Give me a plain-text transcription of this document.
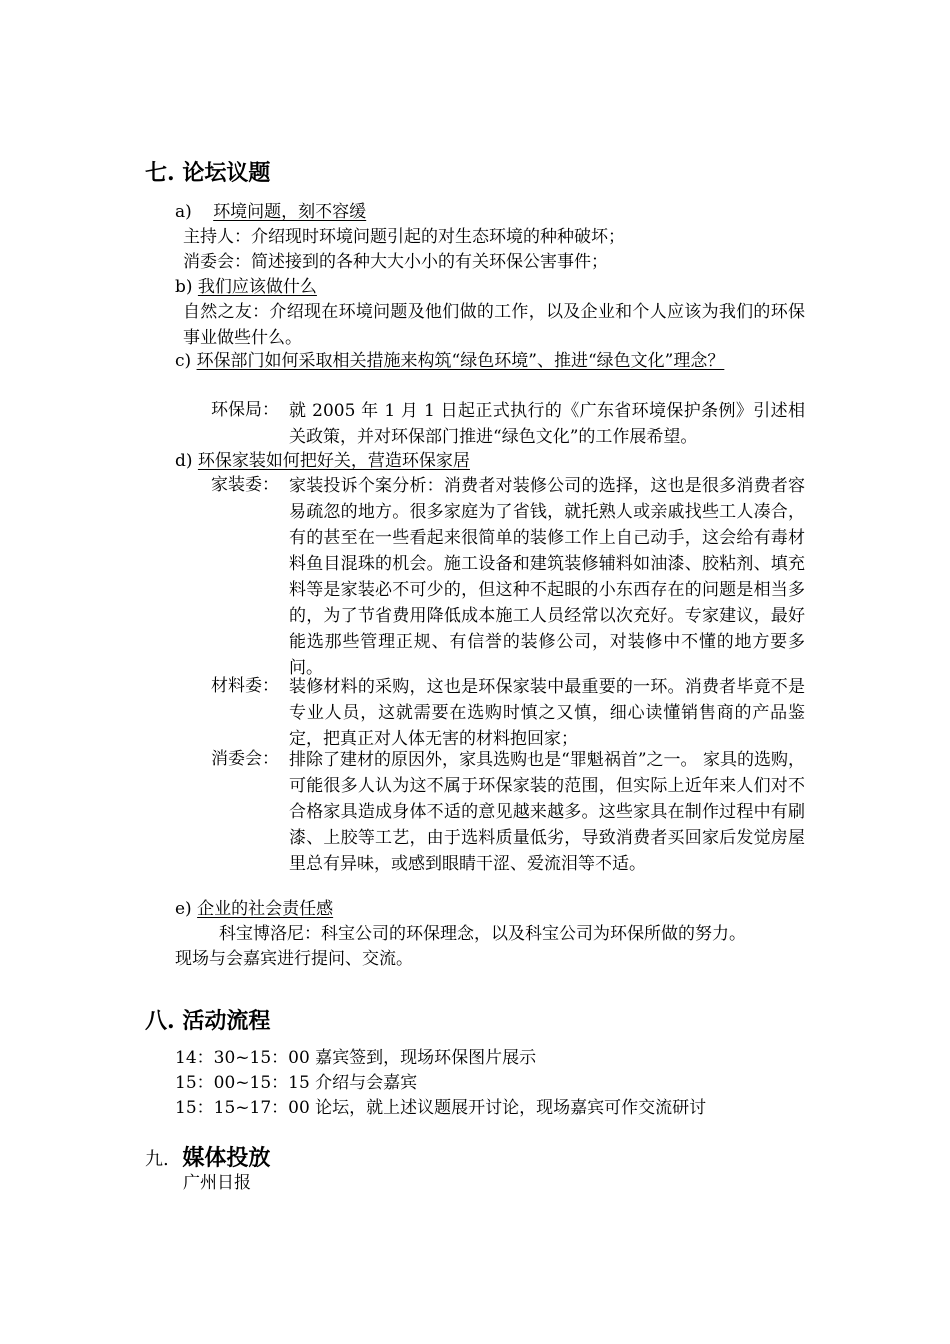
七. 论坛议题
a) 环境问题，刻不容缓
主持人：介绍现时环境问题引起的对生态环境的种种破坏；
消委会：简述接到的各种大大小小的有关环保公害事件；
b) 我们应该做什么
自然之友：介绍现在环境问题及他们做的工作，以及企业和个人应该为我们的环保事业做些什么。
c) 环保部门如何采取相关措施来构筑“绿色环境”、推进“绿色文化”理念？
环保局： 就 2005 年 1 月 1 日起正式执行的《广东省环境保护条例》引述相关政策，并对环保部门推进“绿色文化”的工作展希望。
d) 环保家装如何把好关，营造环保家居
家装委： 家装投诉个案分析：消费者对装修公司的选择，这也是很多消费者容易疏忽的地方。很多家庭为了省钱，就托熟人或亲戚找些工人凑合，有的甚至在一些看起来很简单的装修工作上自己动手，这会给有毒材料鱼目混珠的机会。施工设备和建筑装修辅料如油漆、胶粘剂、填充料等是家装必不可少的，但这种不起眼的小东西存在的问题是相当多的，为了节省费用降低成本施工人员经常以次充好。专家建议，最好能选那些管理正规、有信誉的装修公司，对装修中不懂的地方要多问。
材料委： 装修材料的采购，这也是环保家装中最重要的一环。消费者毕竟不是专业人员，这就需要在选购时慎之又慎，细心读懂销售商的产品鉴定，把真正对人体无害的材料抱回家；
消委会： 排除了建材的原因外，家具选购也是“罪魁祸首”之一。 家具的选购，可能很多人认为这不属于环保家装的范围，但实际上近年来人们对不合格家具造成身体不适的意见越来越多。这些家具在制作过程中有刷漆、上胶等工艺，由于选料质量低劣，导致消费者买回家后发觉房屋里总有异味，或感到眼睛干涩、爱流泪等不适。
e) 企业的社会责任感
科宝博洛尼：科宝公司的环保理念，以及科宝公司为环保所做的努力。
现场与会嘉宾进行提问、交流。
八. 活动流程
14：30~15：00 嘉宾签到，现场环保图片展示
15：00~15：15 介绍与会嘉宾
15：15~17：00 论坛，就上述议题展开讨论，现场嘉宾可作交流研讨
九. 媒体投放
广州日报
